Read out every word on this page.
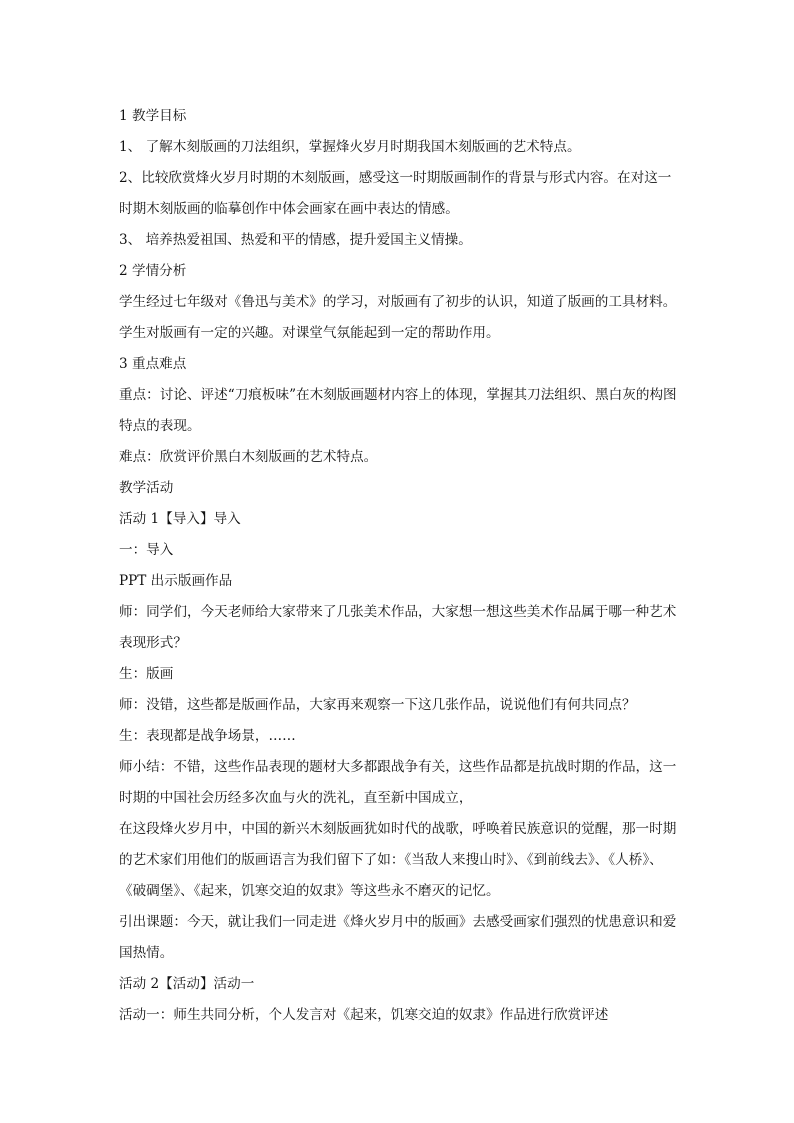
1 教学目标

1、 了解木刻版画的刀法组织，掌握烽火岁月时期我国木刻版画的艺术特点。

2、比较欣赏烽火岁月时期的木刻版画，感受这一时期版画制作的背景与形式内容。在对这一时期木刻版画的临摹创作中体会画家在画中表达的情感。

3、 培养热爱祖国、热爱和平的情感，提升爱国主义情操。

2 学情分析

学生经过七年级对《鲁迅与美术》的学习，对版画有了初步的认识，知道了版画的工具材料。学生对版画有一定的兴趣。对课堂气氛能起到一定的帮助作用。

3 重点难点

重点：讨论、评述“刀痕板味”在木刻版画题材内容上的体现，掌握其刀法组织、黑白灰的构图特点的表现。

难点：欣赏评价黑白木刻版画的艺术特点。

教学活动

活动 1【导入】导入

一：导入

PPT 出示版画作品

师：同学们，今天老师给大家带来了几张美术作品，大家想一想这些美术作品属于哪一种艺术表现形式？

生：版画

师：没错，这些都是版画作品，大家再来观察一下这几张作品，说说他们有何共同点？

生：表现都是战争场景，……

师小结：不错，这些作品表现的题材大多都跟战争有关，这些作品都是抗战时期的作品，这一时期的中国社会历经多次血与火的洗礼，直至新中国成立，

在这段烽火岁月中，中国的新兴木刻版画犹如时代的战歌，呼唤着民族意识的觉醒，那一时期的艺术家们用他们的版画语言为我们留下了如：《当敌人来搜山时》、《到前线去》、《人桥》、《破碉堡》、《起来，饥寒交迫的奴隶》等这些永不磨灭的记忆。

引出课题：今天，就让我们一同走进《烽火岁月中的版画》去感受画家们强烈的忧患意识和爱国热情。

活动 2【活动】活动一

活动一：师生共同分析，个人发言对《起来，饥寒交迫的奴隶》作品进行欣赏评述
